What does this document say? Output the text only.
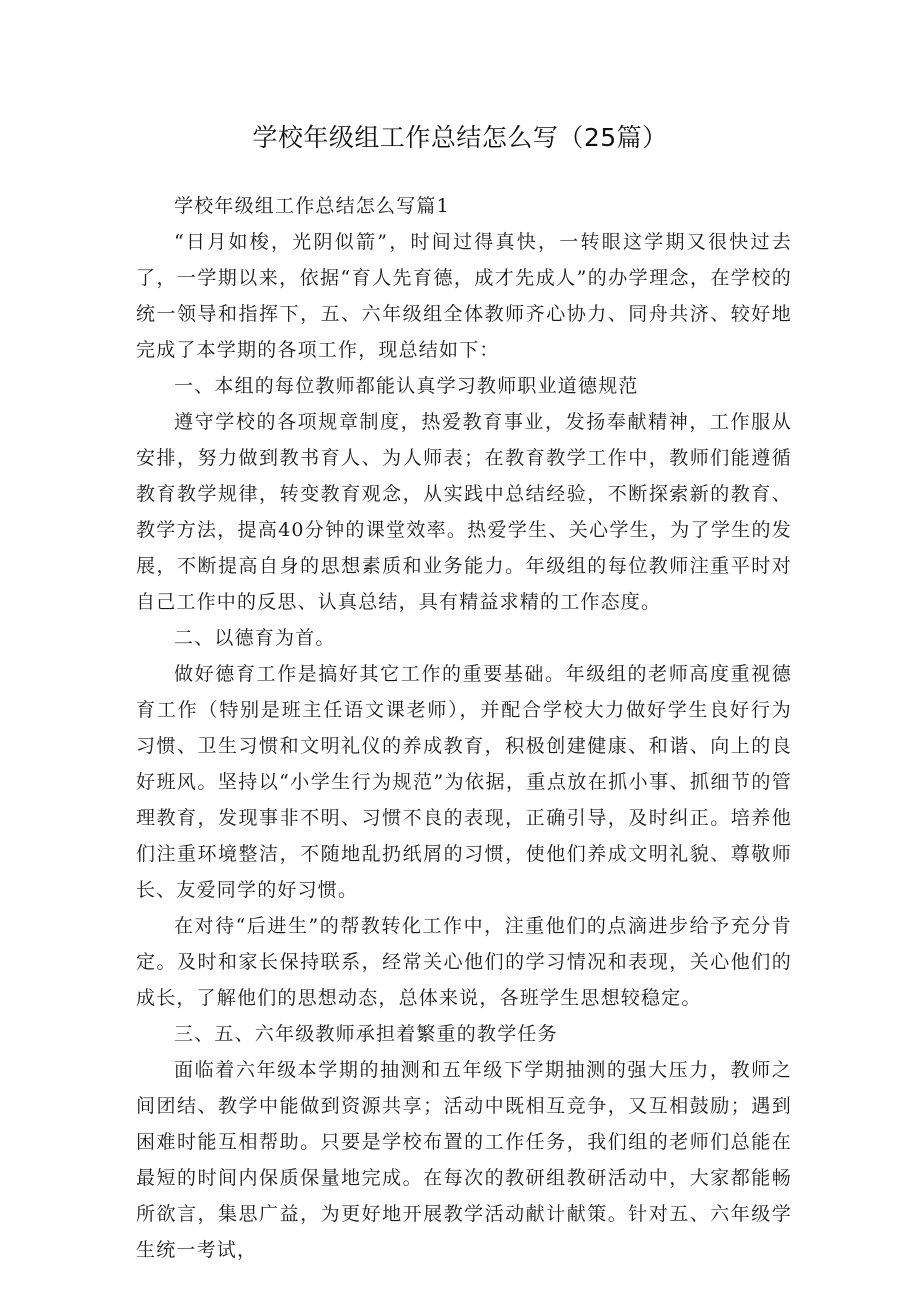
学校年级组工作总结怎么写（25篇）

学校年级组工作总结怎么写篇1

“日月如梭，光阴似箭”，时间过得真快，一转眼这学期又很快过去了，一学期以来，依据“育人先育德，成才先成人”的办学理念，在学校的统一领导和指挥下，五、六年级组全体教师齐心协力、同舟共济、较好地完成了本学期的各项工作，现总结如下：

一、本组的每位教师都能认真学习教师职业道德规范

遵守学校的各项规章制度，热爱教育事业，发扬奉献精神，工作服从安排，努力做到教书育人、为人师表；在教育教学工作中，教师们能遵循教育教学规律，转变教育观念，从实践中总结经验，不断探索新的教育、教学方法，提高40分钟的课堂效率。热爱学生、关心学生，为了学生的发展，不断提高自身的思想素质和业务能力。年级组的每位教师注重平时对自己工作中的反思、认真总结，具有精益求精的工作态度。

二、以德育为首。

做好德育工作是搞好其它工作的重要基础。年级组的老师高度重视德育工作（特别是班主任语文课老师），并配合学校大力做好学生良好行为习惯、卫生习惯和文明礼仪的养成教育，积极创建健康、和谐、向上的良好班风。坚持以“小学生行为规范”为依据，重点放在抓小事、抓细节的管理教育，发现事非不明、习惯不良的表现，正确引导，及时纠正。培养他们注重环境整洁，不随地乱扔纸屑的习惯，使他们养成文明礼貌、尊敬师长、友爱同学的好习惯。

在对待“后进生”的帮教转化工作中，注重他们的点滴进步给予充分肯定。及时和家长保持联系，经常关心他们的学习情况和表现，关心他们的成长，了解他们的思想动态，总体来说，各班学生思想较稳定。

三、五、六年级教师承担着繁重的教学任务

面临着六年级本学期的抽测和五年级下学期抽测的强大压力，教师之间团结、教学中能做到资源共享；活动中既相互竞争，又互相鼓励；遇到困难时能互相帮助。只要是学校布置的工作任务，我们组的老师们总能在最短的时间内保质保量地完成。在每次的教研组教研活动中，大家都能畅所欲言，集思广益，为更好地开展教学活动献计献策。针对五、六年级学生统一考试，
